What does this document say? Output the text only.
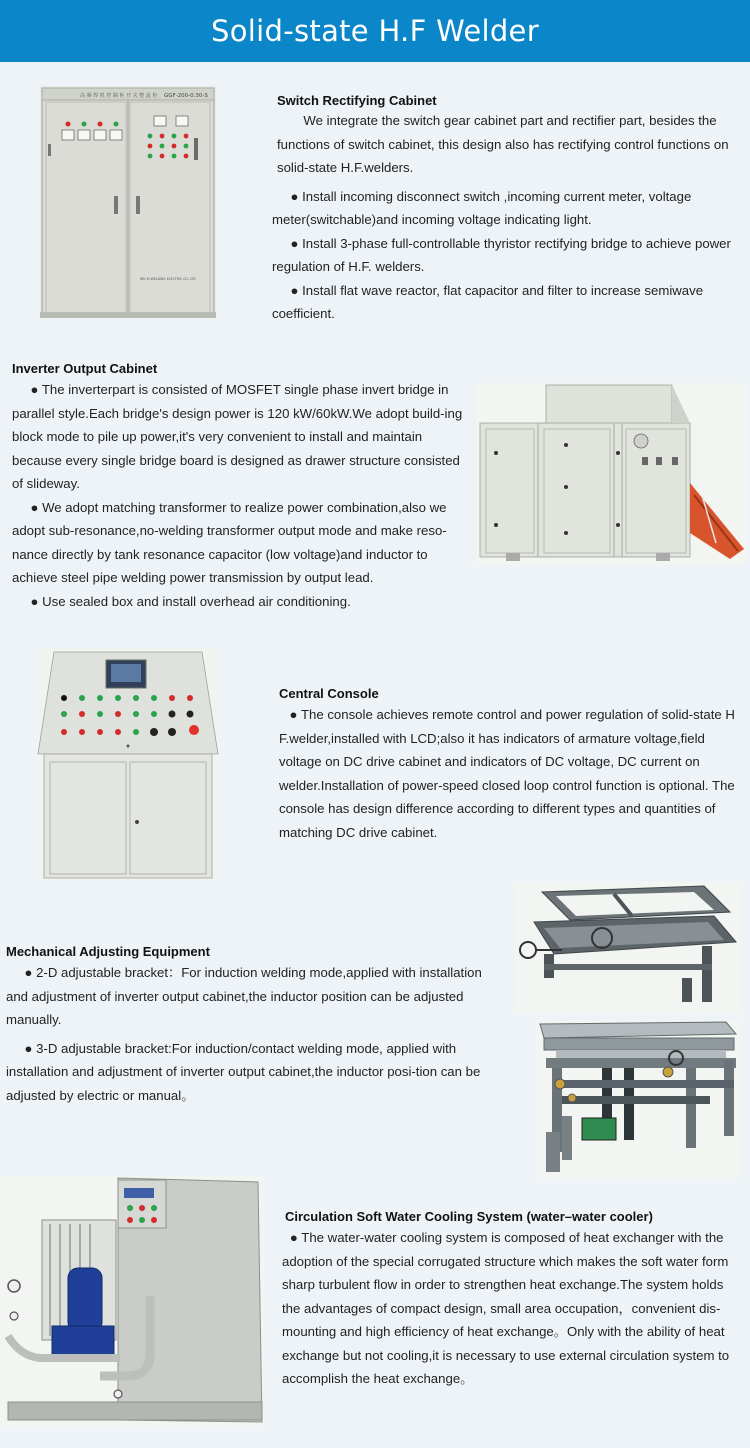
Solid-state H.F Welder
高 频 焊 机 控 制 柜 开 关 整 流 柜 GGF-200-0.30-S
WU XI WELDING ELECTRIC CO.,LTD
Switch Rectifying Cabinet

We integrate the switch gear cabinet part and rectifier part, besides the functions of switch cabinet, this design also has rectifying control functions on solid-state H.F.welders.

● Install incoming disconnect switch ,incoming current meter, voltage meter(switchable)and incoming voltage indicating light.

● Install 3-phase full-controllable thyristor rectifying bridge to achieve power regulation of H.F. welders.

● Install flat wave reactor, flat capacitor and filter to increase semiwave coefficient.

Inverter Output Cabinet

● The inverterpart is consisted of MOSFET single phase invert bridge in parallel style.Each bridge's design power is 120 kW/60kW.We adopt build-ing block mode to pile up power,it's very convenient to install and maintain because every single bridge board is designed as drawer structure consisted of slideway.

● We adopt matching transformer to realize power combination,also we adopt sub-resonance,no-welding transformer output mode and make reso-nance directly by tank resonance capacitor (low voltage)and inductor to achieve steel pipe welding power transmission by output lead.

● Use sealed box and install overhead air conditioning.

Central Console

● The console achieves remote control and power regulation of solid-state H F.welder,installed with LCD;also it has indicators of armature voltage,field voltage on DC drive cabinet and indicators of DC voltage, DC current on welder.Installation of power-speed closed loop control function is optional. The console has design difference according to different types and quantities of matching DC drive cabinet.

Mechanical Adjusting Equipment

● 2-D adjustable bracket：For induction welding mode,applied with installation and adjustment of inverter output cabinet,the inductor position can be adjusted manually.

● 3-D adjustable bracket:For induction/contact welding mode, applied with installation and adjustment of inverter output cabinet,the inductor posi-tion can be adjusted by electric or manual。

Circulation Soft Water Cooling System (water–water cooler)

● The water-water cooling system is composed of heat exchanger with the adoption of the special corrugated structure which makes the soft water form sharp turbulent flow in order to strengthen heat exchange.The system holds the advantages of compact design, small area occupation，convenient dis-mounting and high efficiency of heat exchange。Only with the ability of heat exchange but not cooling,it is necessary to use external circulation system to accomplish the heat exchange。
